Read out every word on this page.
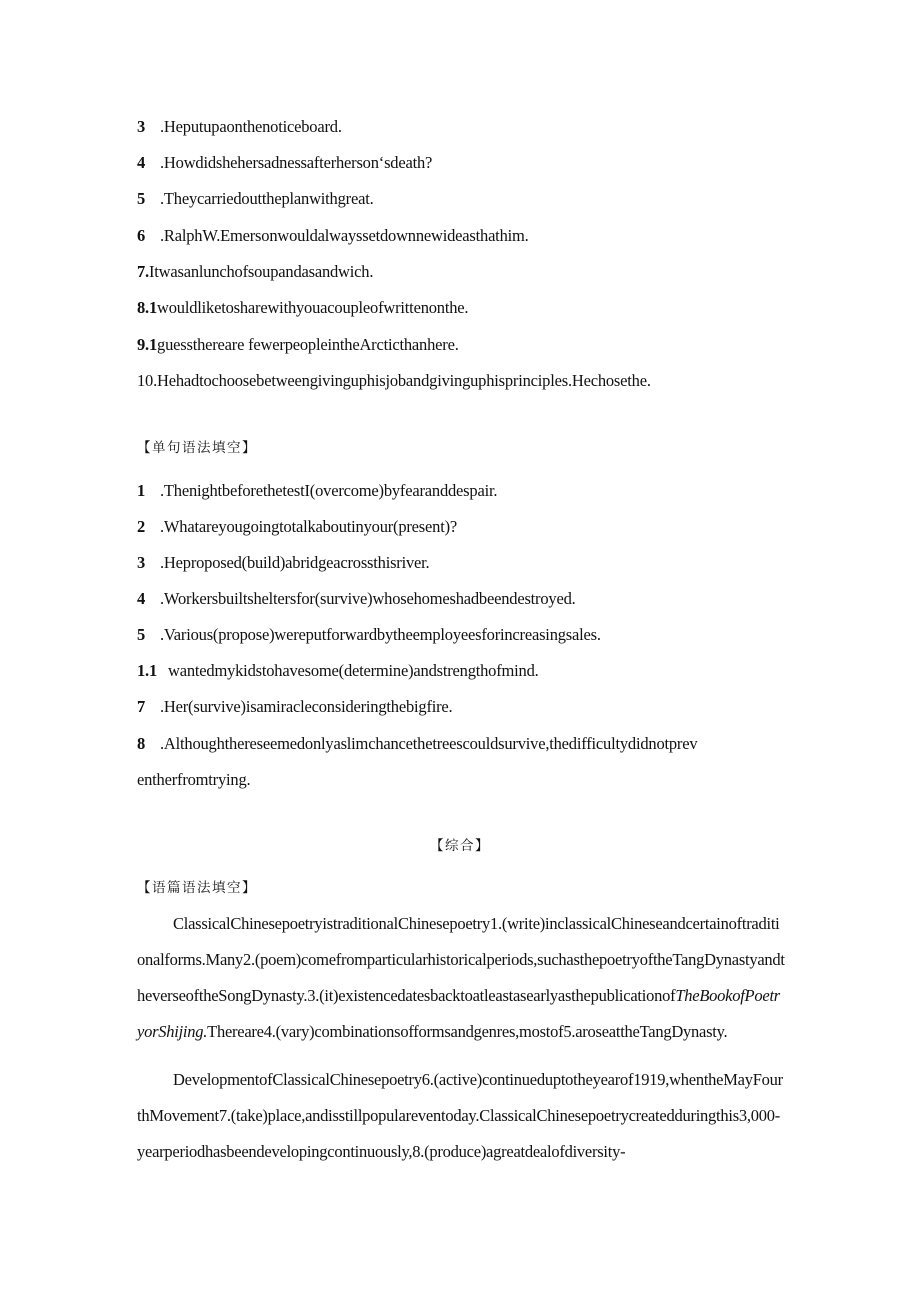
3 .Heputupaonthenoticeboard.
4 .Howdidshehersadnessafterhersonʻsdeath?
5 .Theycarriedouttheplanwithgreat.
6 .RalphW.Emersonwouldalwayssetdownnewideasthathim.
7.Itwasanlunchofsoupandasandwich.
8.1wouldliketosharewithyouacoupleofwrittenonthe.
9.1guessthereare fewerpeopleintheArcticthanhere.
10.Hehadtochoosebetweengivinguphisjobandgivinguphisprinciples.Hechosethe.
【单句语法填空】
1 .ThenightbeforethetestI(overcome)byfearanddespair.
2 .Whatareyougoingtotalkaboutinyour(present)?
3 .Heproposed(build)abridgeacrossthisriver.
4 .Workersbuiltsheltersfor(survive)whosehomeshadbeendestroyed.
5 .Various(propose)wereputforwardbytheemployeesforincreasingsales.
1.1 wantedmykidstohavesome(determine)andstrengthofmind.
7 .Her(survive)isamiracleconsideringthebigfire.
8 .Althoughthereseemedonlyaslimchancethetreescouldsurvive,thedifficultydidnotprev
entherfromtrying.
【综合】
【语篇语法填空】
ClassicalChinesepoetryistraditionalChinesepoetry1.(write)inclassicalChineseandcertainoftraditionalforms.Many2.(poem)comefromparticularhistoricalperiods,suchasthepoetryoftheTangDynastyandtheverseoftheSongDynasty.3.(it)existencedatesbacktoatleastasearlyasthepublicationofTheBookofPoetryorShijing.Thereare4.(vary)combinationsofformsandgenres,mostof5.aroseattheTangDynasty.
DevelopmentofClassicalChinesepoetry6.(active)continueduptotheyearof1919,whentheMayFourthMovement7.(take)place,andisstillpopulareventoday.ClassicalChinesepoetrycreatedduringthis3,000-yearperiodhasbeendevelopingcontinuously,8.(produce)agreatdealofdiversity-
